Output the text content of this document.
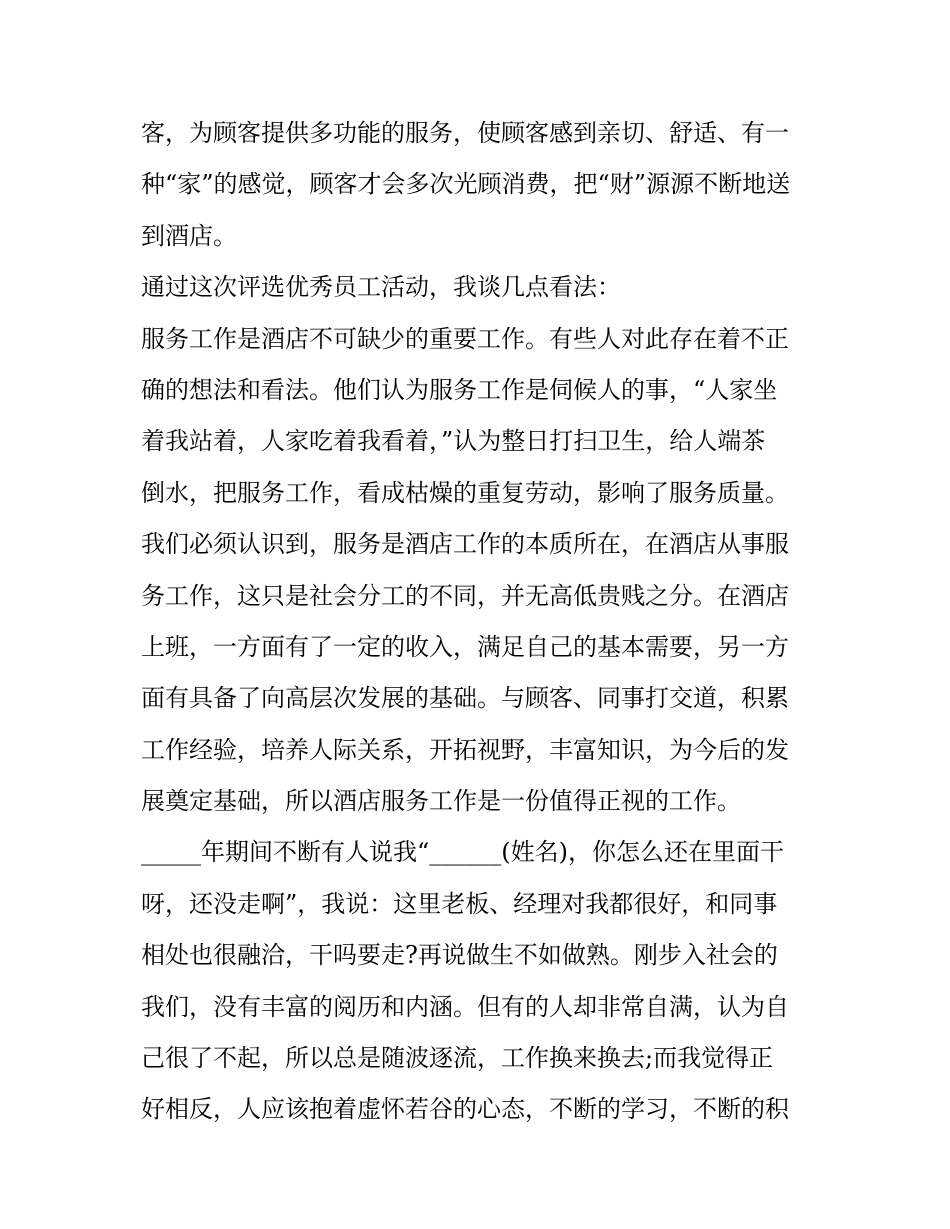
客，为顾客提供多功能的服务，使顾客感到亲切、舒适、有一
种“家”的感觉，顾客才会多次光顾消费，把“财”源源不断地送
到酒店。
通过这次评选优秀员工活动，我谈几点看法：
服务工作是酒店不可缺少的重要工作。有些人对此存在着不正
确的想法和看法。他们认为服务工作是伺候人的事，“人家坐
着我站着，人家吃着我看着，”认为整日打扫卫生，给人端茶
倒水，把服务工作，看成枯燥的重复劳动，影响了服务质量。
我们必须认识到，服务是酒店工作的本质所在，在酒店从事服
务工作，这只是社会分工的不同，并无高低贵贱之分。在酒店
上班，一方面有了一定的收入，满足自己的基本需要，另一方
面有具备了向高层次发展的基础。与顾客、同事打交道，积累
工作经验，培养人际关系，开拓视野，丰富知识，为今后的发
展奠定基础，所以酒店服务工作是一份值得正视的工作。
_____年期间不断有人说我“______(姓名)，你怎么还在里面干
呀，还没走啊”，我说：这里老板、经理对我都很好，和同事
相处也很融洽，干吗要走?再说做生不如做熟。刚步入社会的
我们，没有丰富的阅历和内涵。但有的人却非常自满，认为自
己很了不起，所以总是随波逐流，工作换来换去;而我觉得正
好相反，人应该抱着虚怀若谷的心态，不断的学习，不断的积
